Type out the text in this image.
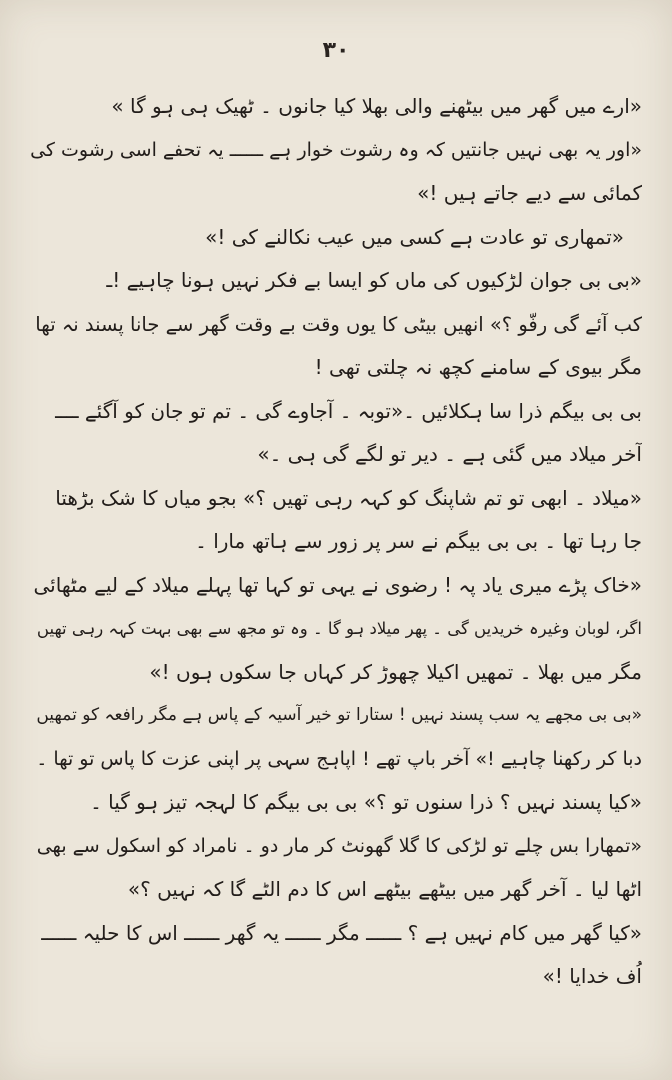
۳۰

«ارے میں گھر میں بیٹھنے والی بھلا کیا جانوں ۔ ٹھیک ہی ہو گا »
«اور یہ بھی نہیں جانتیں کہ وہ رشوت خوار ہے ــــــ یہ تحفے اسی رشوت کی
کمائی سے دیے جاتے ہیں !»
«تمھاری تو عادت ہے کسی میں عیب نکالنے کی !»
«بی بی جوان لڑکیوں کی ماں کو ایسا بے فکر نہیں ہونا چاہیے !ـ
کب آئے گی رفّو ؟» انھیں بیٹی کا یوں وقت بے وقت گھر سے جانا پسند نہ تھا
مگر بیوی کے سامنے کچھ نہ چلتی تھی !
بی بی بیگم ذرا سا ہکلائیں ۔«توبہ ۔ آجاوے گی ۔ تم تو جان کو آگئے ــــ
آخر میلاد میں گئی ہے ۔ دیر تو لگے گی ہی ۔»
«میلاد ۔ ابھی تو تم شاپنگ کو کہہ رہی تھیں ؟» بجو میاں کا شک بڑھتا
جا رہا تھا ۔ بی بی بیگم نے سر پر زور سے ہاتھ مارا ۔
«خاک پڑے میری یاد پہ ! رضوی نے یہی تو کہا تھا پہلے میلاد کے لیے مٹھائی
اگر، لوبان وغیرہ خریدیں گی ۔ پھر میلاد ہو گا ۔ وہ تو مجھ سے بھی بہت کہہ رہی تھیں
مگر میں بھلا ۔ تمھیں اکیلا چھوڑ کر کہاں جا سکوں ہوں !»
«بی بی مجھے یہ سب پسند نہیں ! ستارا تو خیر آسیہ کے پاس ہے مگر رافعہ کو تمھیں
دبا کر رکھنا چاہیے !» آخر باپ تھے ! اپاہج سہی پر اپنی عزت کا پاس تو تھا ۔
«کیا پسند نہیں ؟ ذرا سنوں تو ؟» بی بی بیگم کا لہجہ تیز ہو گیا ۔
«تمھارا بس چلے تو لڑکی کا گلا گھونٹ کر مار دو ۔ نامراد کو اسکول سے بھی
اٹھا لیا ۔ آخر گھر میں بیٹھے بیٹھے اس کا دم الٹے گا کہ نہیں ؟»
«کیا گھر میں کام نہیں ہے ؟ ــــــ مگر ــــــ یہ گھر ــــــ اس کا حلیہ ــــــ
اُف خدایا !»
